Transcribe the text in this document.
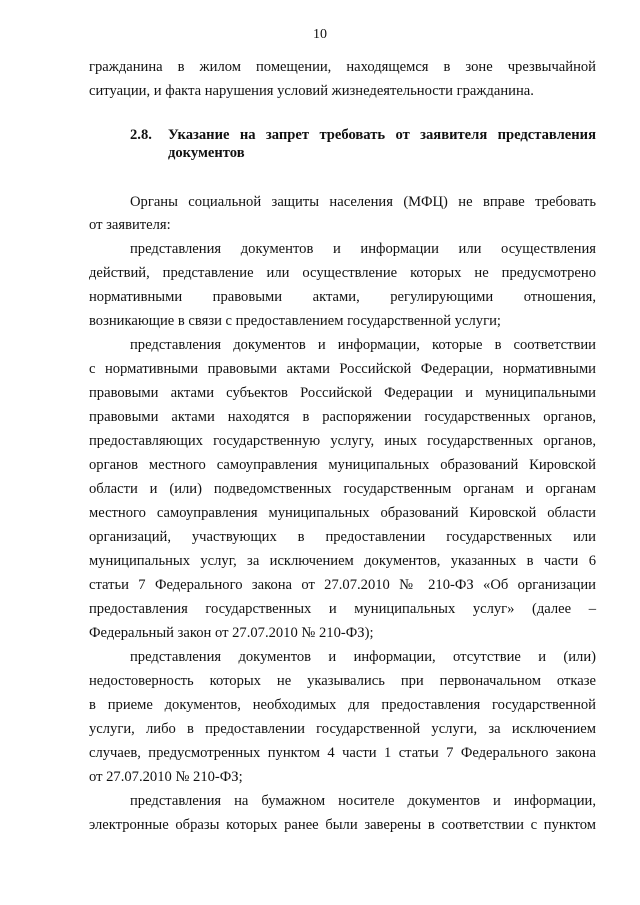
10
гражданина в жилом помещении, находящемся в зоне чрезвычайной
ситуации, и факта нарушения условий жизнедеятельности гражданина.
2.8. Указание на запрет требовать от заявителя представления
документов
Органы социальной защиты населения (МФЦ) не вправе требовать
от заявителя:
представления документов и информации или осуществления
действий, представление или осуществление которых не предусмотрено
нормативными правовыми актами, регулирующими отношения,
возникающие в связи с предоставлением государственной услуги;
представления документов и информации, которые в соответствии
с нормативными правовыми актами Российской Федерации, нормативными
правовыми актами субъектов Российской Федерации и муниципальными
правовыми актами находятся в распоряжении государственных органов,
предоставляющих государственную услугу, иных государственных органов,
органов местного самоуправления муниципальных образований Кировской
области и (или) подведомственных государственным органам и органам
местного самоуправления муниципальных образований Кировской области
организаций, участвующих в предоставлении государственных или
муниципальных услуг, за исключением документов, указанных в части 6
статьи 7 Федерального закона от 27.07.2010 № 210-ФЗ «Об организации
предоставления государственных и муниципальных услуг» (далее –
Федеральный закон от 27.07.2010 № 210-ФЗ);
представления документов и информации, отсутствие и (или)
недостоверность которых не указывались при первоначальном отказе
в приеме документов, необходимых для предоставления государственной
услуги, либо в предоставлении государственной услуги, за исключением
случаев, предусмотренных пунктом 4 части 1 статьи 7 Федерального закона
от 27.07.2010 № 210-ФЗ;
представления на бумажном носителе документов и информации,
электронные образы которых ранее были заверены в соответствии с пунктом
